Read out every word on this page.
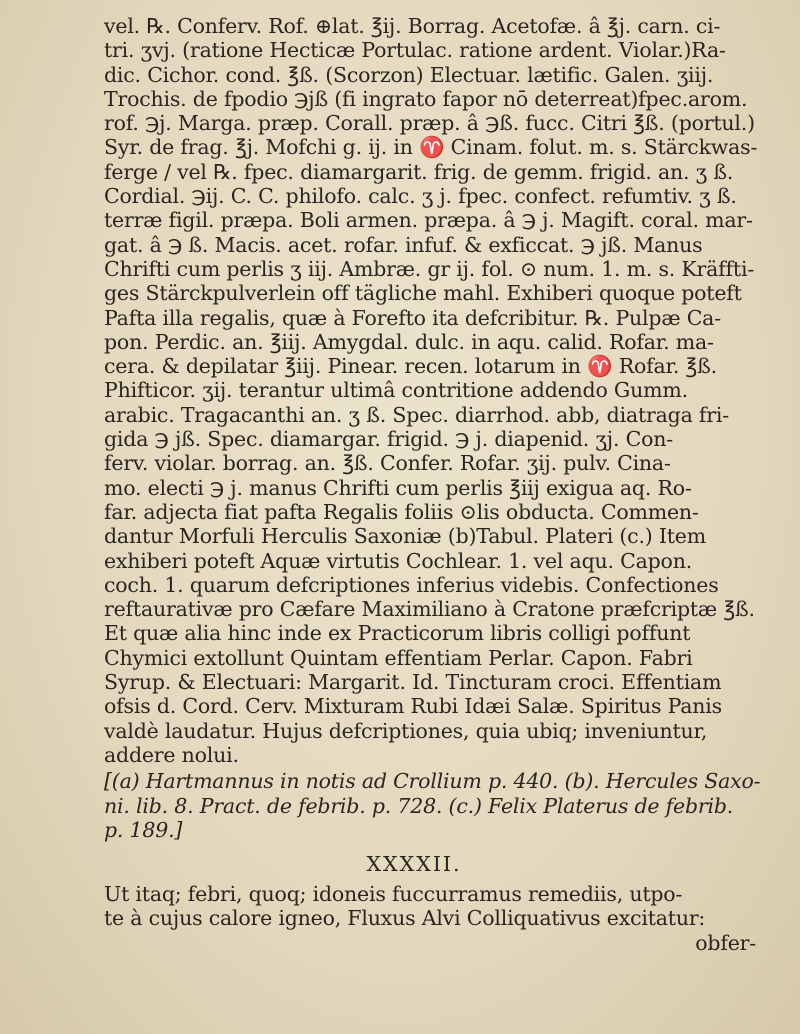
vel. ℞. Conferv. Rof. ⊕lat. ℥ij. Borrag. Acetofæ. â ℥j. carn. ci-
tri. ʒvj. (ratione Hecticæ Portulac. ratione ardent. Violar.)Ra-
dic. Cichor. cond. ℥ß. (Scorzon) Electuar. lætific. Galen. ʒiij.
Trochis. de fpodio ℈jß (fi ingrato fapor nō deterreat)fpec.arom.
rof. ℈j. Marga. præp. Corall. præp. â ℈ß. fucc. Citri ℥ß. (portul.)
Syr. de frag. ℥j. Mofchi g. ij. in ♈ Cinam. folut. m. s. Stärckwas-
ferge / vel ℞. fpec. diamargarit. frig. de gemm. frigid. an. ʒ ß.
Cordial. ℈ij. C. C. philofo. calc. ʒ j. fpec. confect. refumtiv. ʒ ß.
terræ figil. præpa. Boli armen. præpa. â ℈ j. Magift. coral. mar-
gat. â ℈ ß. Macis. acet. rofar. infuf. & exficcat. ℈ jß. Manus
Chrifti cum perlis ʒ iij. Ambræ. gr ij. fol. ⊙ num. 1. m. s. Kräffti-
ges Stärckpulverlein off tägliche mahl. Exhiberi quoque poteft
Pafta illa regalis, quæ à Forefto ita defcribitur. ℞. Pulpæ Ca-
pon. Perdic. an. ℥iij. Amygdal. dulc. in aqu. calid. Rofar. ma-
cera. & depilatar ℥iij. Pinear. recen. lotarum in ♈ Rofar. ℥ß.
Phifticor. ʒij. terantur ultimâ contritione addendo Gumm.
arabic. Tragacanthi an. ʒ ß. Spec. diarrhod. abb, diatraga fri-
gida ℈ jß. Spec. diamargar. frigid. ℈ j. diapenid. ʒj. Con-
ferv. violar. borrag. an. ℥ß. Confer. Rofar. ʒij. pulv. Cina-
mo. electi ℈ j. manus Chrifti cum perlis ℥iij exigua aq. Ro-
far. adjecta fiat pafta Regalis foliis ⊙lis obducta. Commen-
dantur Morfuli Herculis Saxoniæ (b)Tabul. Plateri (c.) Item
exhiberi poteft Aquæ virtutis Cochlear. 1. vel aqu. Capon.
coch. 1. quarum defcriptiones inferius videbis. Confectiones
reftaurativæ pro Cæfare Maximiliano à Cratone præfcriptæ ℥ß.
Et quæ alia hinc inde ex Practicorum libris colligi poffunt
Chymici extollunt Quintam effentiam Perlar. Capon. Fabri
Syrup. & Electuari: Margarit. Id. Tincturam croci. Effentiam
ofsis d. Cord. Cerv. Mixturam Rubi Idæi Salæ. Spiritus Panis
valdè laudatur. Hujus defcriptiones, quia ubiq; inveniuntur,
addere nolui.
[(a) Hartmannus in notis ad Crollium p. 440. (b). Hercules Saxo-
ni. lib. 8. Pract. de febrib. p. 728. (c.) Felix Platerus de febrib.
p. 189.]
XXXXII.
Ut itaq; febri, quoq; idoneis fuccurramus remediis, utpo-
te à cujus calore igneo, Fluxus Alvi Colliquativus excitatur:
obfer-
